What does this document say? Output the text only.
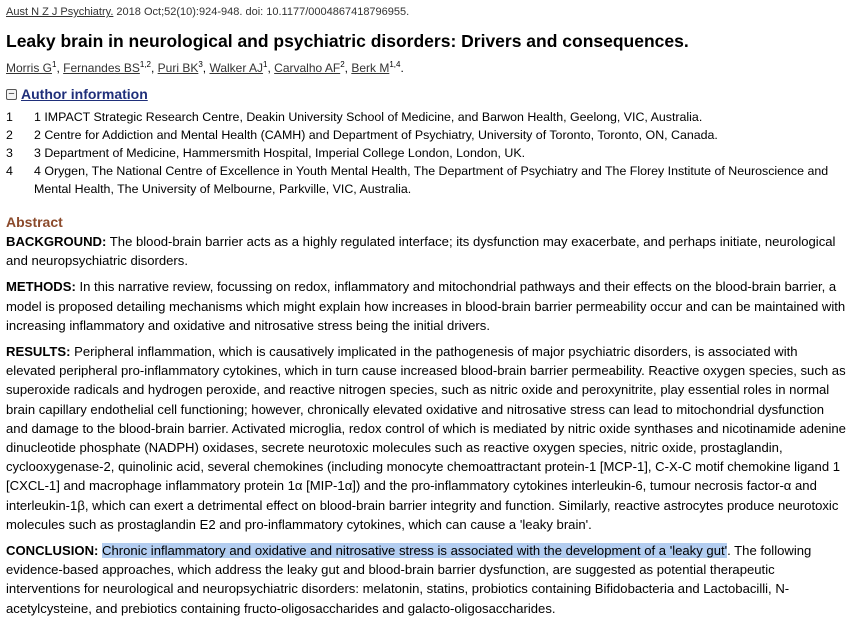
Aust N Z J Psychiatry. 2018 Oct;52(10):924-948. doi: 10.1177/0004867418796955.
Leaky brain in neurological and psychiatric disorders: Drivers and consequences.
Morris $G^1$, Fernandes BS$^{1,2}$, Puri $BK^3$, Walker $AJ^1$, Carvalho $AF^2$, Berk M$^{1,4}$.
− Author information
1	1 IMPACT Strategic Research Centre, Deakin University School of Medicine, and Barwon Health, Geelong, VIC, Australia.
2	2 Centre for Addiction and Mental Health (CAMH) and Department of Psychiatry, University of Toronto, Toronto, ON, Canada.
3	3 Department of Medicine, Hammersmith Hospital, Imperial College London, London, UK.
4	4 Orygen, The National Centre of Excellence in Youth Mental Health, The Department of Psychiatry and The Florey Institute of Neuroscience and Mental Health, The University of Melbourne, Parkville, VIC, Australia.
Abstract

BACKGROUND: The blood-brain barrier acts as a highly regulated interface; its dysfunction may exacerbate, and perhaps initiate, neurological and neuropsychiatric disorders.

METHODS: In this narrative review, focussing on redox, inflammatory and mitochondrial pathways and their effects on the blood-brain barrier, a model is proposed detailing mechanisms which might explain how increases in blood-brain barrier permeability occur and can be maintained with increasing inflammatory and oxidative and nitrosative stress being the initial drivers.

RESULTS: Peripheral inflammation, which is causatively implicated in the pathogenesis of major psychiatric disorders, is associated with elevated peripheral pro-inflammatory cytokines, which in turn cause increased blood-brain barrier permeability. Reactive oxygen species, such as superoxide radicals and hydrogen peroxide, and reactive nitrogen species, such as nitric oxide and peroxynitrite, play essential roles in normal brain capillary endothelial cell functioning; however, chronically elevated oxidative and nitrosative stress can lead to mitochondrial dysfunction and damage to the blood-brain barrier. Activated microglia, redox control of which is mediated by nitric oxide synthases and nicotinamide adenine dinucleotide phosphate (NADPH) oxidases, secrete neurotoxic molecules such as reactive oxygen species, nitric oxide, prostaglandin, cyclooxygenase-2, quinolinic acid, several chemokines (including monocyte chemoattractant protein-1 [MCP-1], C-X-C motif chemokine ligand 1 [CXCL-1] and macrophage inflammatory protein 1α [MIP-1α]) and the pro-inflammatory cytokines interleukin-6, tumour necrosis factor-α and interleukin-1β, which can exert a detrimental effect on blood-brain barrier integrity and function. Similarly, reactive astrocytes produce neurotoxic molecules such as prostaglandin E2 and pro-inflammatory cytokines, which can cause a 'leaky brain'.

CONCLUSION: Chronic inflammatory and oxidative and nitrosative stress is associated with the development of a 'leaky gut'. The following evidence-based approaches, which address the leaky gut and blood-brain barrier dysfunction, are suggested as potential therapeutic interventions for neurological and neuropsychiatric disorders: melatonin, statins, probiotics containing Bifidobacteria and Lactobacilli, N-acetylcysteine, and prebiotics containing fructo-oligosaccharides and galacto-oligosaccharides.
